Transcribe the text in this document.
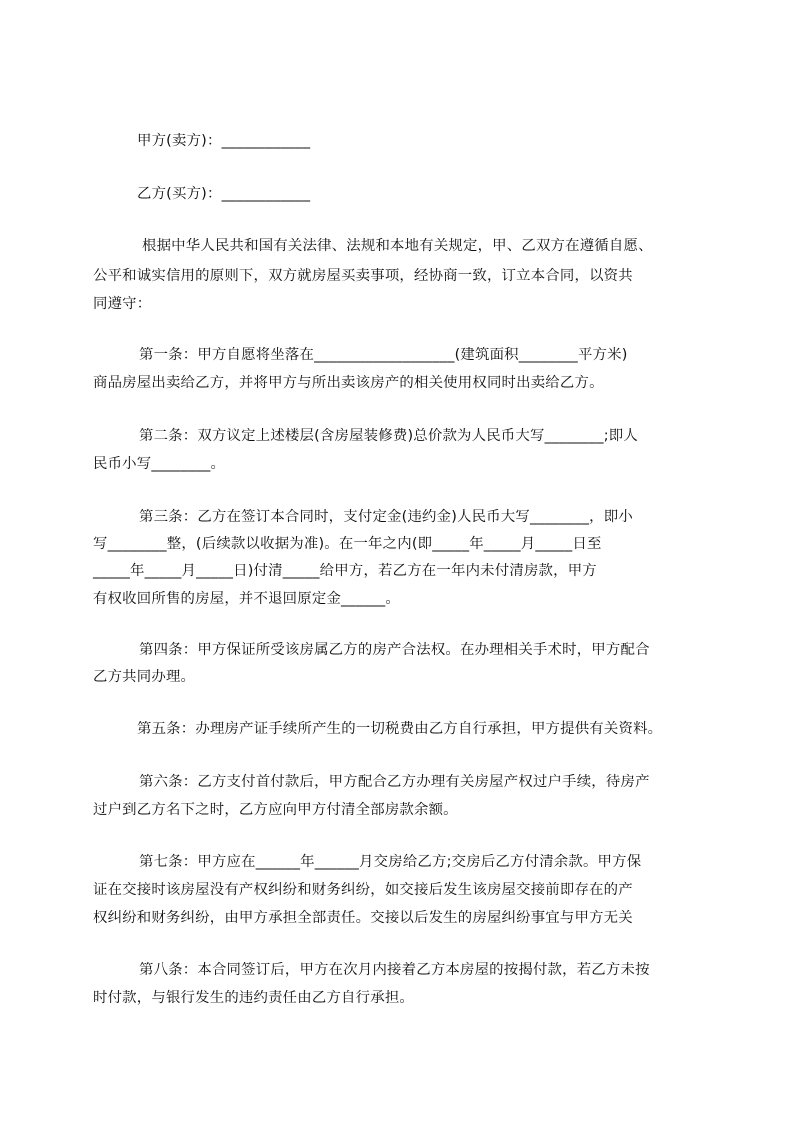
甲方(卖方)：____________
乙方(买方)：____________
根据中华人民共和国有关法律、法规和本地有关规定，甲、乙双方在遵循自愿、
公平和诚实信用的原则下，双方就房屋买卖事项，经协商一致，订立本合同，以资共
同遵守：
第一条：甲方自愿将坐落在___________________(建筑面积________平方米)
商品房屋出卖给乙方，并将甲方与所出卖该房产的相关使用权同时出卖给乙方。
第二条：双方议定上述楼层(含房屋装修费)总价款为人民币大写________;即人
民币小写________。
第三条：乙方在签订本合同时，支付定金(违约金)人民币大写________，即小
写________整，(后续款以收据为准)。在一年之内(即_____年_____月_____日至
_____年_____月_____日)付清_____给甲方，若乙方在一年内未付清房款，甲方
有权收回所售的房屋，并不退回原定金______。
第四条：甲方保证所受该房属乙方的房产合法权。在办理相关手术时，甲方配合
乙方共同办理。
第五条：办理房产证手续所产生的一切税费由乙方自行承担，甲方提供有关资料。
第六条：乙方支付首付款后，甲方配合乙方办理有关房屋产权过户手续，待房产
过户到乙方名下之时，乙方应向甲方付清全部房款余额。
第七条：甲方应在______年______月交房给乙方;交房后乙方付清余款。甲方保
证在交接时该房屋没有产权纠纷和财务纠纷，如交接后发生该房屋交接前即存在的产
权纠纷和财务纠纷，由甲方承担全部责任。交接以后发生的房屋纠纷事宜与甲方无关
第八条：本合同签订后，甲方在次月内接着乙方本房屋的按揭付款，若乙方未按
时付款，与银行发生的违约责任由乙方自行承担。
